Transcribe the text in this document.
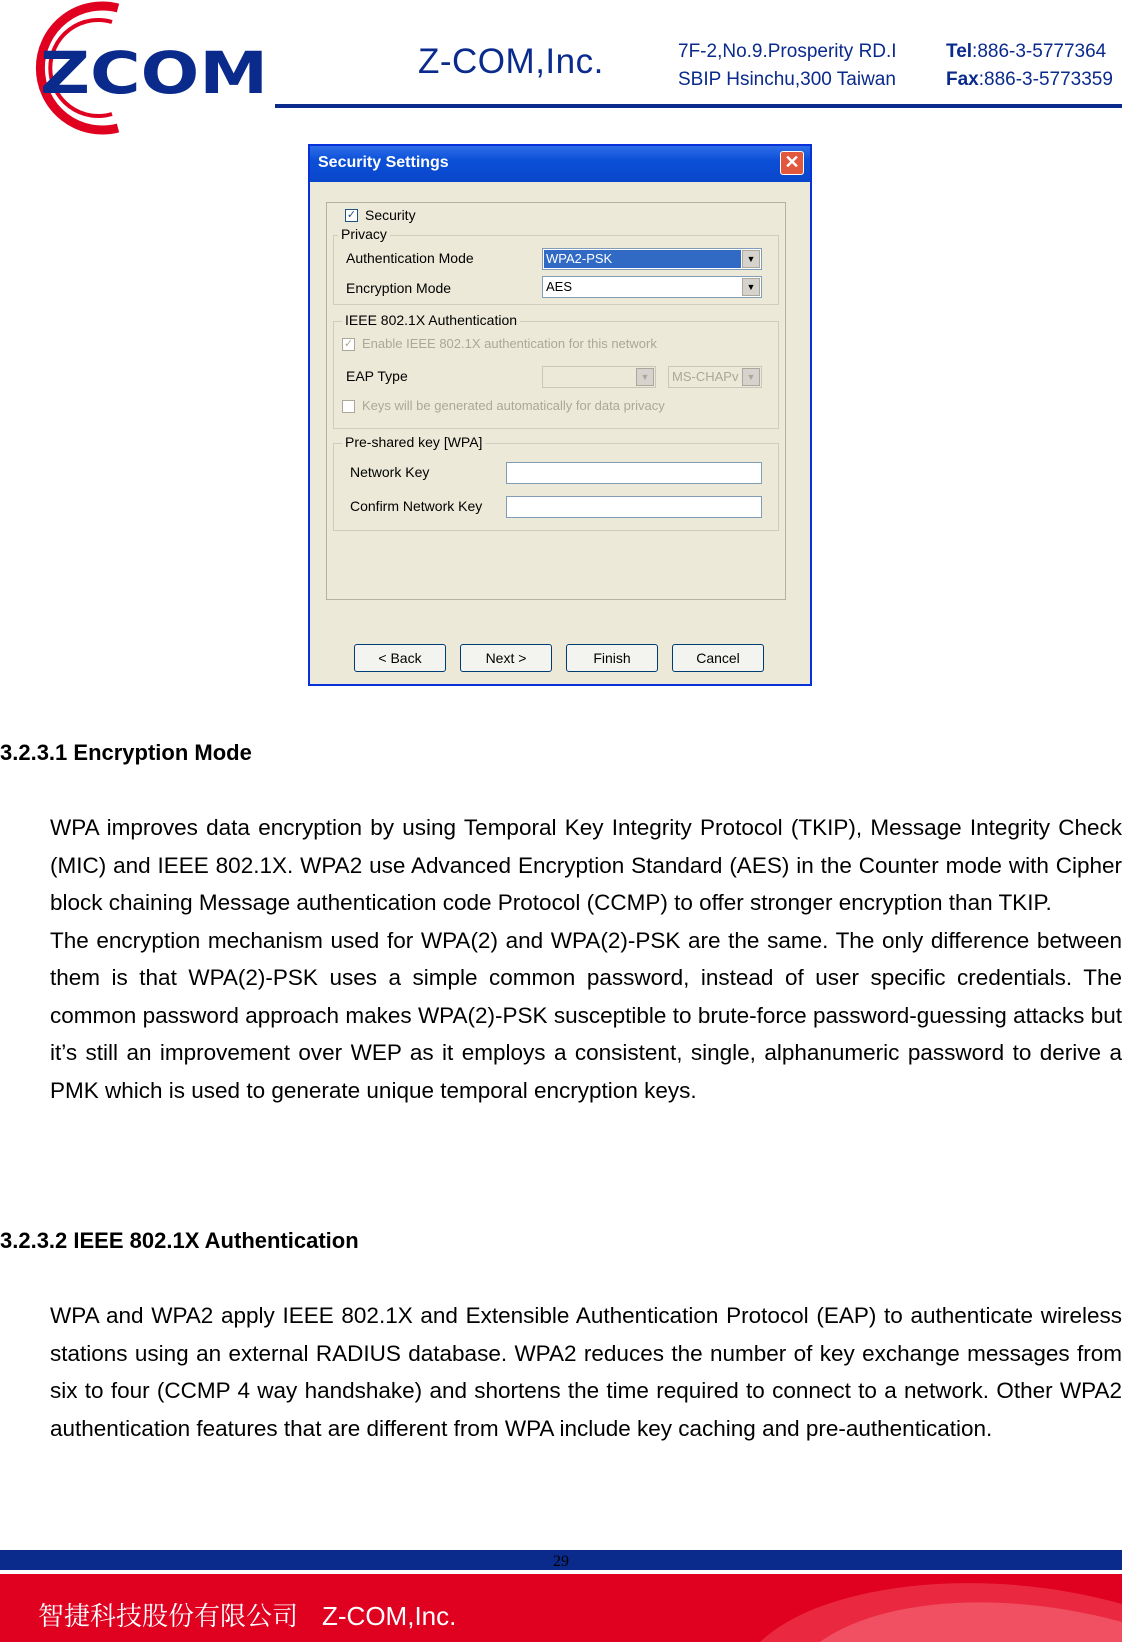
ZCOM	Z-COM,Inc.	7F-2,No.9.Prosperity RD.I
SBIP Hsinchu,300 Taiwan
Tel:886-3-5777364
Fax:886-3-5773359
Security Settings	✕
✓ Security
Privacy
Authentication Mode	WPA2-PSK	▼
Encryption Mode	AES	▼
IEEE 802.1X Authentication
✓ Enable IEEE 802.1X authentication for this network
EAP Type	▼	MS-CHAPv ▼
Keys will be generated automatically for data privacy
Pre-shared key [WPA]
Network Key
Confirm Network Key
< Back	Next >	Finish	Cancel
3.2.3.1 Encryption Mode

WPA improves data encryption by using Temporal Key Integrity Protocol (TKIP), Message Integrity Check (MIC) and IEEE 802.1X. WPA2 use Advanced Encryption Standard (AES) in the Counter mode with Cipher block chaining Message authentication code Protocol (CCMP) to offer stronger encryption than TKIP.

The encryption mechanism used for WPA(2) and WPA(2)-PSK are the same. The only difference between them is that WPA(2)-PSK uses a simple common password, instead of user specific credentials. The common password approach makes WPA(2)-PSK susceptible to brute-force password-guessing attacks but it’s still an improvement over WEP as it employs a consistent, single, alphanumeric password to derive a PMK which is used to generate unique temporal encryption keys.

3.2.3.2 IEEE 802.1X Authentication

WPA and WPA2 apply IEEE 802.1X and Extensible Authentication Protocol (EAP) to authenticate wireless stations using an external RADIUS database. WPA2 reduces the number of key exchange messages from six to four (CCMP 4 way handshake) and shortens the time required to connect to a network. Other WPA2 authentication features that are different from WPA include key caching and pre-authentication.

29
智捷科技股份有限公司 Z-COM,Inc.
